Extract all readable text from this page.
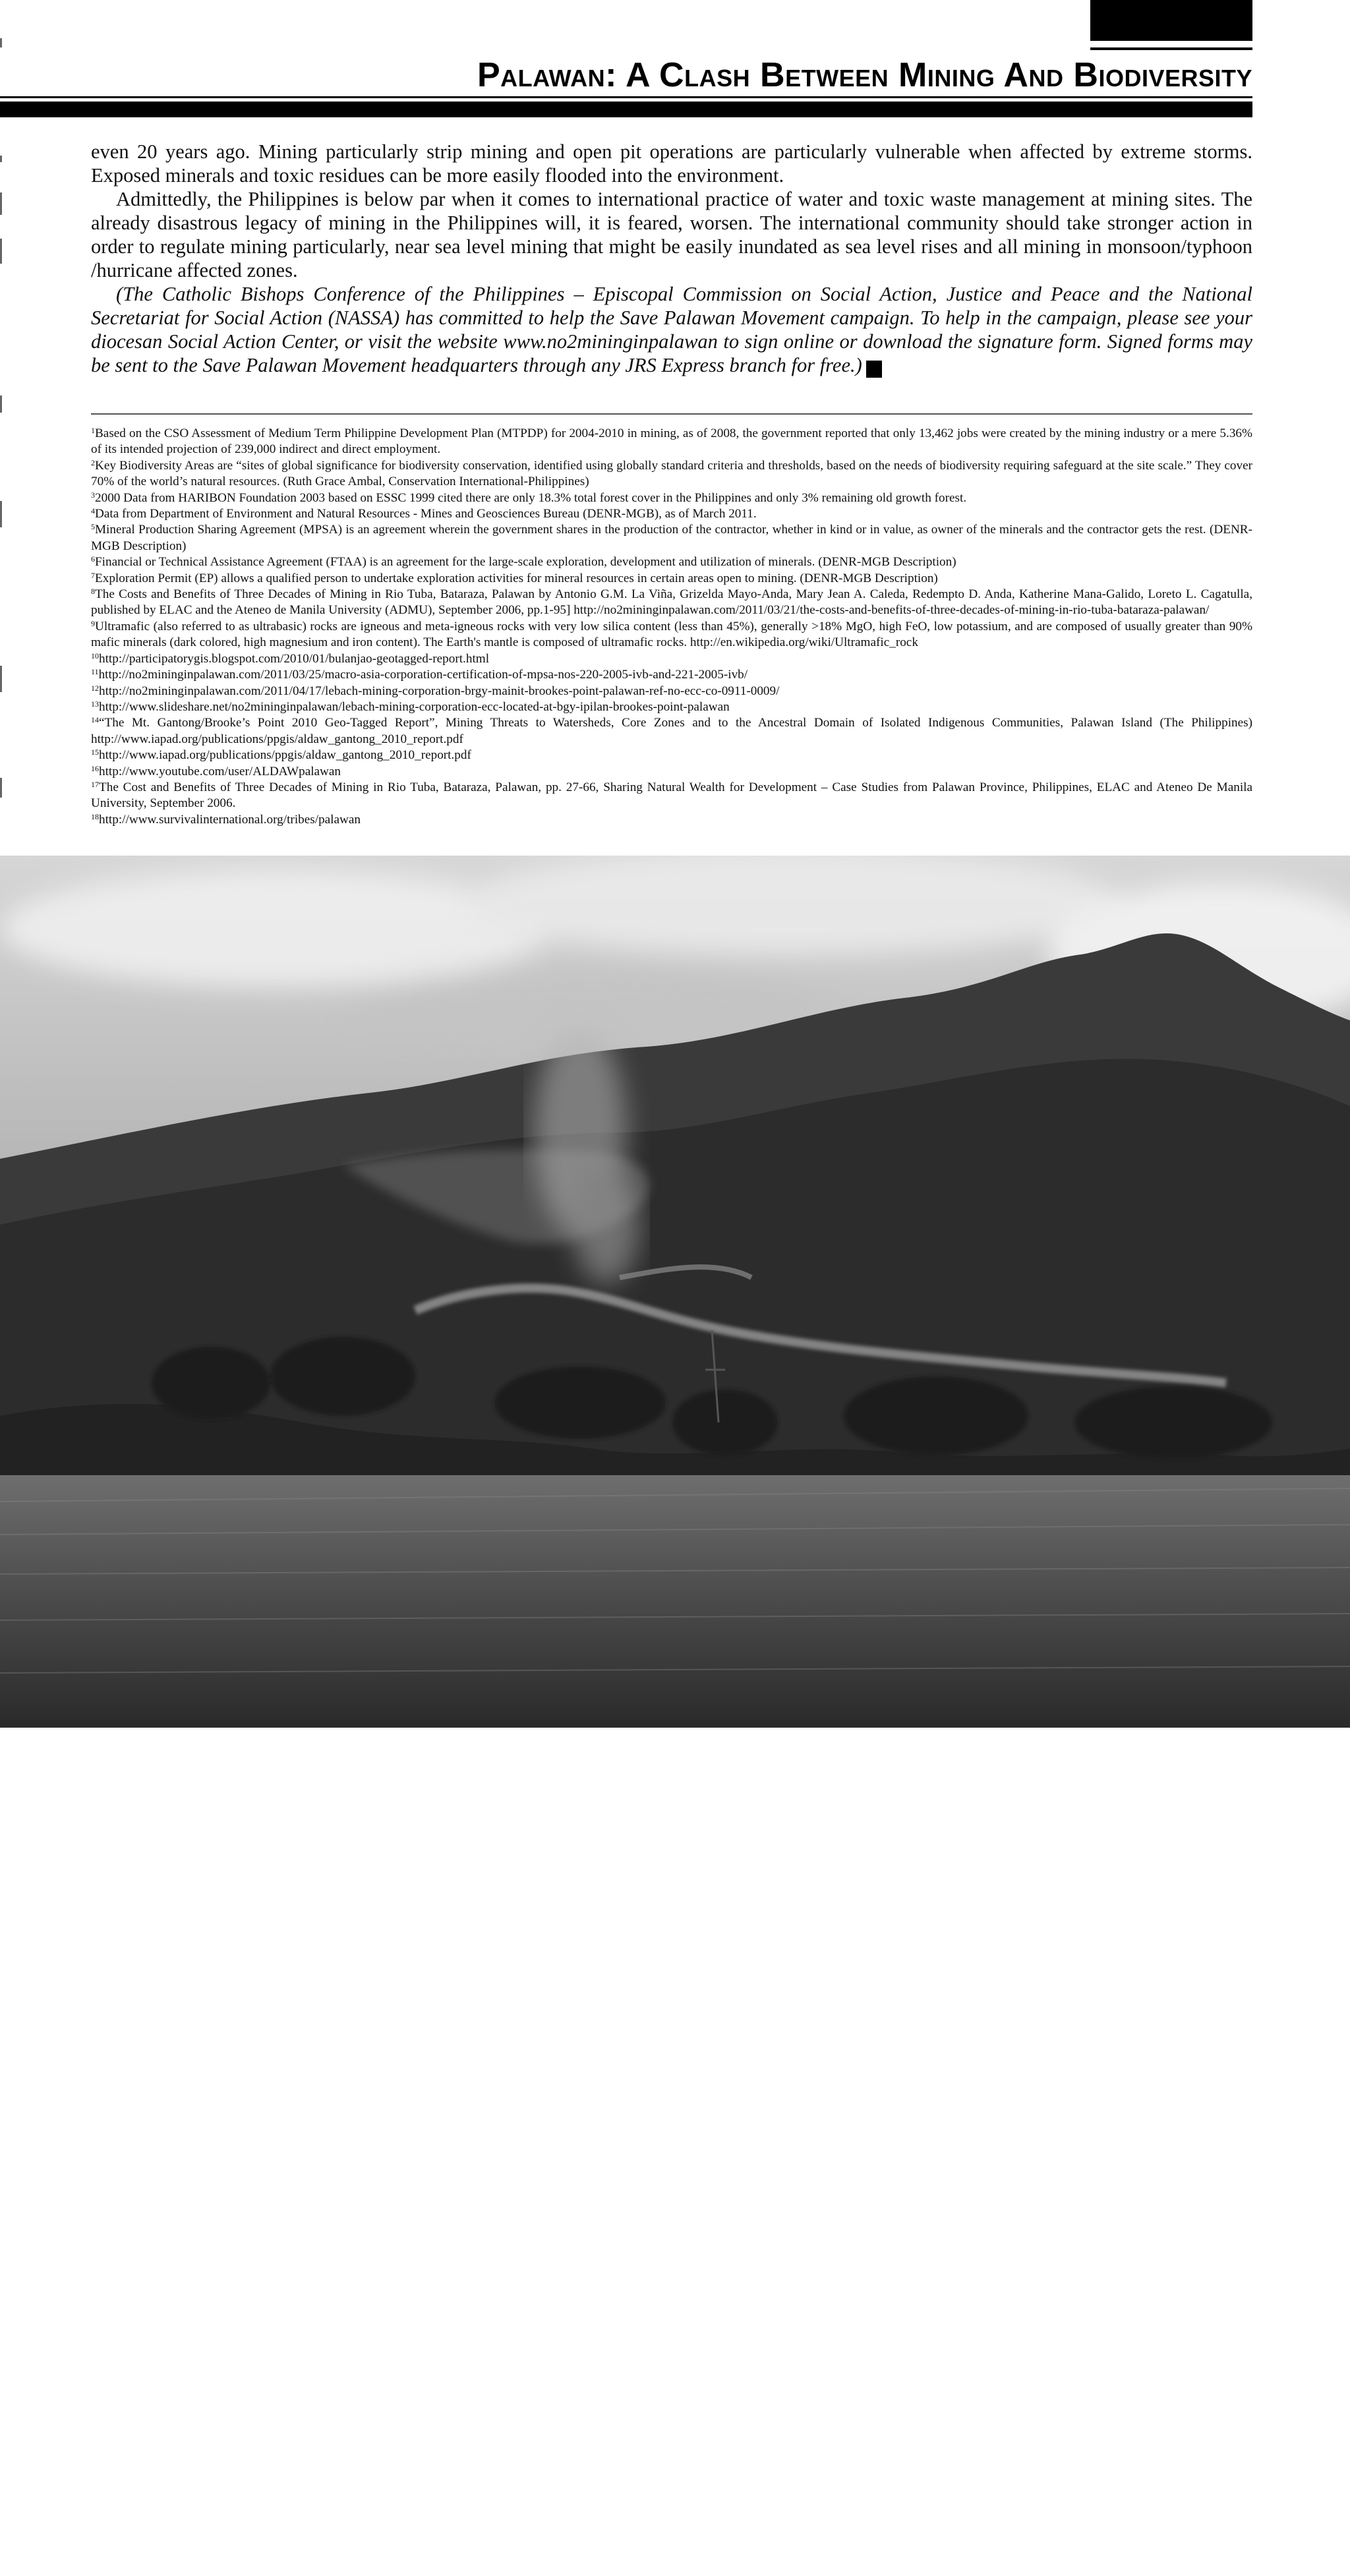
Palawan: A Clash Between Mining And Biodiversity

even 20 years ago. Mining particularly strip mining and open pit operations are particularly vulnerable when affected by extreme storms. Exposed minerals and toxic residues can be more easily flooded into the environment.

Admittedly, the Philippines is below par when it comes to international practice of water and toxic waste management at mining sites. The already disastrous legacy of mining in the Philippines will, it is feared, worsen. The international community should take stronger action in order to regulate mining particularly, near sea level mining that might be easily inundated as sea level rises and all mining in monsoon/typhoon /hurricane affected zones.

(The Catholic Bishops Conference of the Philippines – Episcopal Commission on Social Action, Justice and Peace and the National Secretariat for Social Action (NASSA) has committed to help the Save Palawan Movement campaign. To help in the campaign, please see your diocesan Social Action Center, or visit the website www.no2mininginpalawan to sign online or download the signature form. Signed forms may be sent to the Save Palawan Movement headquarters through any JRS Express branch for free.) I

$^1$Based on the CSO Assessment of Medium Term Philippine Development Plan (MTPDP) for 2004-2010 in mining, as of 2008, the government reported that only 13,462 jobs were created by the mining industry or a mere 5.36% of its intended projection of 239,000 indirect and direct employment.

$^2$Key Biodiversity Areas are “sites of global significance for biodiversity conservation, identified using globally standard criteria and thresholds, based on the needs of biodiversity requiring safeguard at the site scale.” They cover 70% of the world’s natural resources. (Ruth Grace Ambal, Conservation International-Philippines)

$^3$2000 Data from HARIBON Foundation 2003 based on ESSC 1999 cited there are only 18.3% total forest cover in the Philippines and only 3% remaining old growth forest.

$^4$Data from Department of Environment and Natural Resources - Mines and Geosciences Bureau (DENR-MGB), as of March 2011.

$^5$Mineral Production Sharing Agreement (MPSA) is an agreement wherein the government shares in the production of the contractor, whether in kind or in value, as owner of the minerals and the contractor gets the rest. (DENR-MGB Description)

$^6$Financial or Technical Assistance Agreement (FTAA) is an agreement for the large-scale exploration, development and utilization of minerals. (DENR-MGB Description)

$^7$Exploration Permit (EP) allows a qualified person to undertake exploration activities for mineral resources in certain areas open to mining. (DENR-MGB Description)

$^8$The Costs and Benefits of Three Decades of Mining in Rio Tuba, Bataraza, Palawan by Antonio G.M. La Viña, Grizelda Mayo-Anda, Mary Jean A. Caleda, Redempto D. Anda, Katherine Mana-Galido, Loreto L. Cagatulla, published by ELAC and the Ateneo de Manila University (ADMU), September 2006, pp.1-95] http://no2mininginpalawan.com/2011/03/21/the-costs-and-benefits-of-three-decades-of-mining-in-rio-tuba-bataraza-palawan/

$^9$Ultramafic (also referred to as ultrabasic) rocks are igneous and meta-igneous rocks with very low silica content (less than 45%), generally >18% MgO, high FeO, low potassium, and are composed of usually greater than 90% mafic minerals (dark colored, high magnesium and iron content). The Earth's mantle is composed of ultramafic rocks. http://en.wikipedia.org/wiki/Ultramafic_rock

$^{10}$http://participatorygis.blogspot.com/2010/01/bulanjao-geotagged-report.html

$^{11}$http://no2mininginpalawan.com/2011/03/25/macro-asia-corporation-certification-of-mpsa-nos-220-2005-ivb-and-221-2005-ivb/

$^{12}$http://no2mininginpalawan.com/2011/04/17/lebach-mining-corporation-brgy-mainit-brookes-point-palawan-ref-no-ecc-co-0911-0009/

$^{13}$http://www.slideshare.net/no2mininginpalawan/lebach-mining-corporation-ecc-located-at-bgy-ipilan-brookes-point-palawan

$^{14}$“The Mt. Gantong/Brooke’s Point 2010 Geo-Tagged Report”, Mining Threats to Watersheds, Core Zones and to the Ancestral Domain of Isolated Indigenous Communities, Palawan Island (The Philippines) http://www.iapad.org/publications/ppgis/aldaw_gantong_2010_report.pdf

$^{15}$http://www.iapad.org/publications/ppgis/aldaw_gantong_2010_report.pdf

$^{16}$http://www.youtube.com/user/ALDAWpalawan

$^{17}$The Cost and Benefits of Three Decades of Mining in Rio Tuba, Bataraza, Palawan, pp. 27-66, Sharing Natural Wealth for Development – Case Studies from Palawan Province, Philippines, ELAC and Ateneo De Manila University, September 2006.

$^{18}$http://www.survivalinternational.org/tribes/palawan

Photo Courtesy of One Palawan Movement
